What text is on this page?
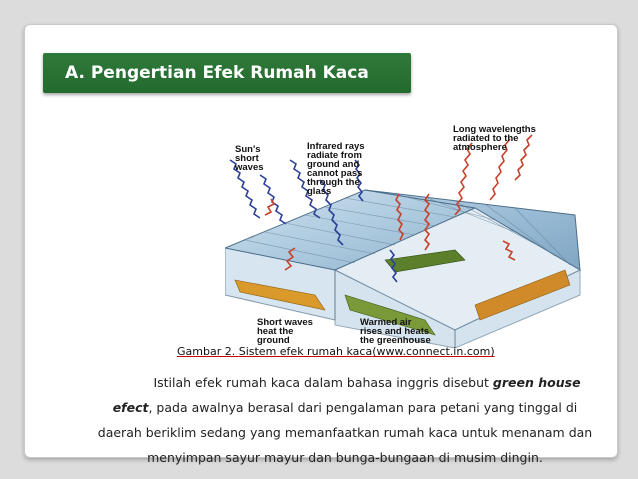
A. Pengertian Efek Rumah Kaca
Sun's
short
waves
Infrared rays
radiate from
ground and
cannot pass
through the
glass
Long wavelengths
radiated to the
atmosphere
Short waves
heat the
ground
Warmed air
rises and heats
the greenhouse
Gambar 2. Sistem efek rumah kaca(www.connect.in.com)
Istilah efek rumah kaca dalam bahasa inggris disebut green house
efect, pada awalnya berasal dari pengalaman para petani yang tinggal di
daerah beriklim sedang yang memanfaatkan rumah kaca untuk menanam dan
menyimpan sayur mayur dan bunga-bungaan di musim dingin.
